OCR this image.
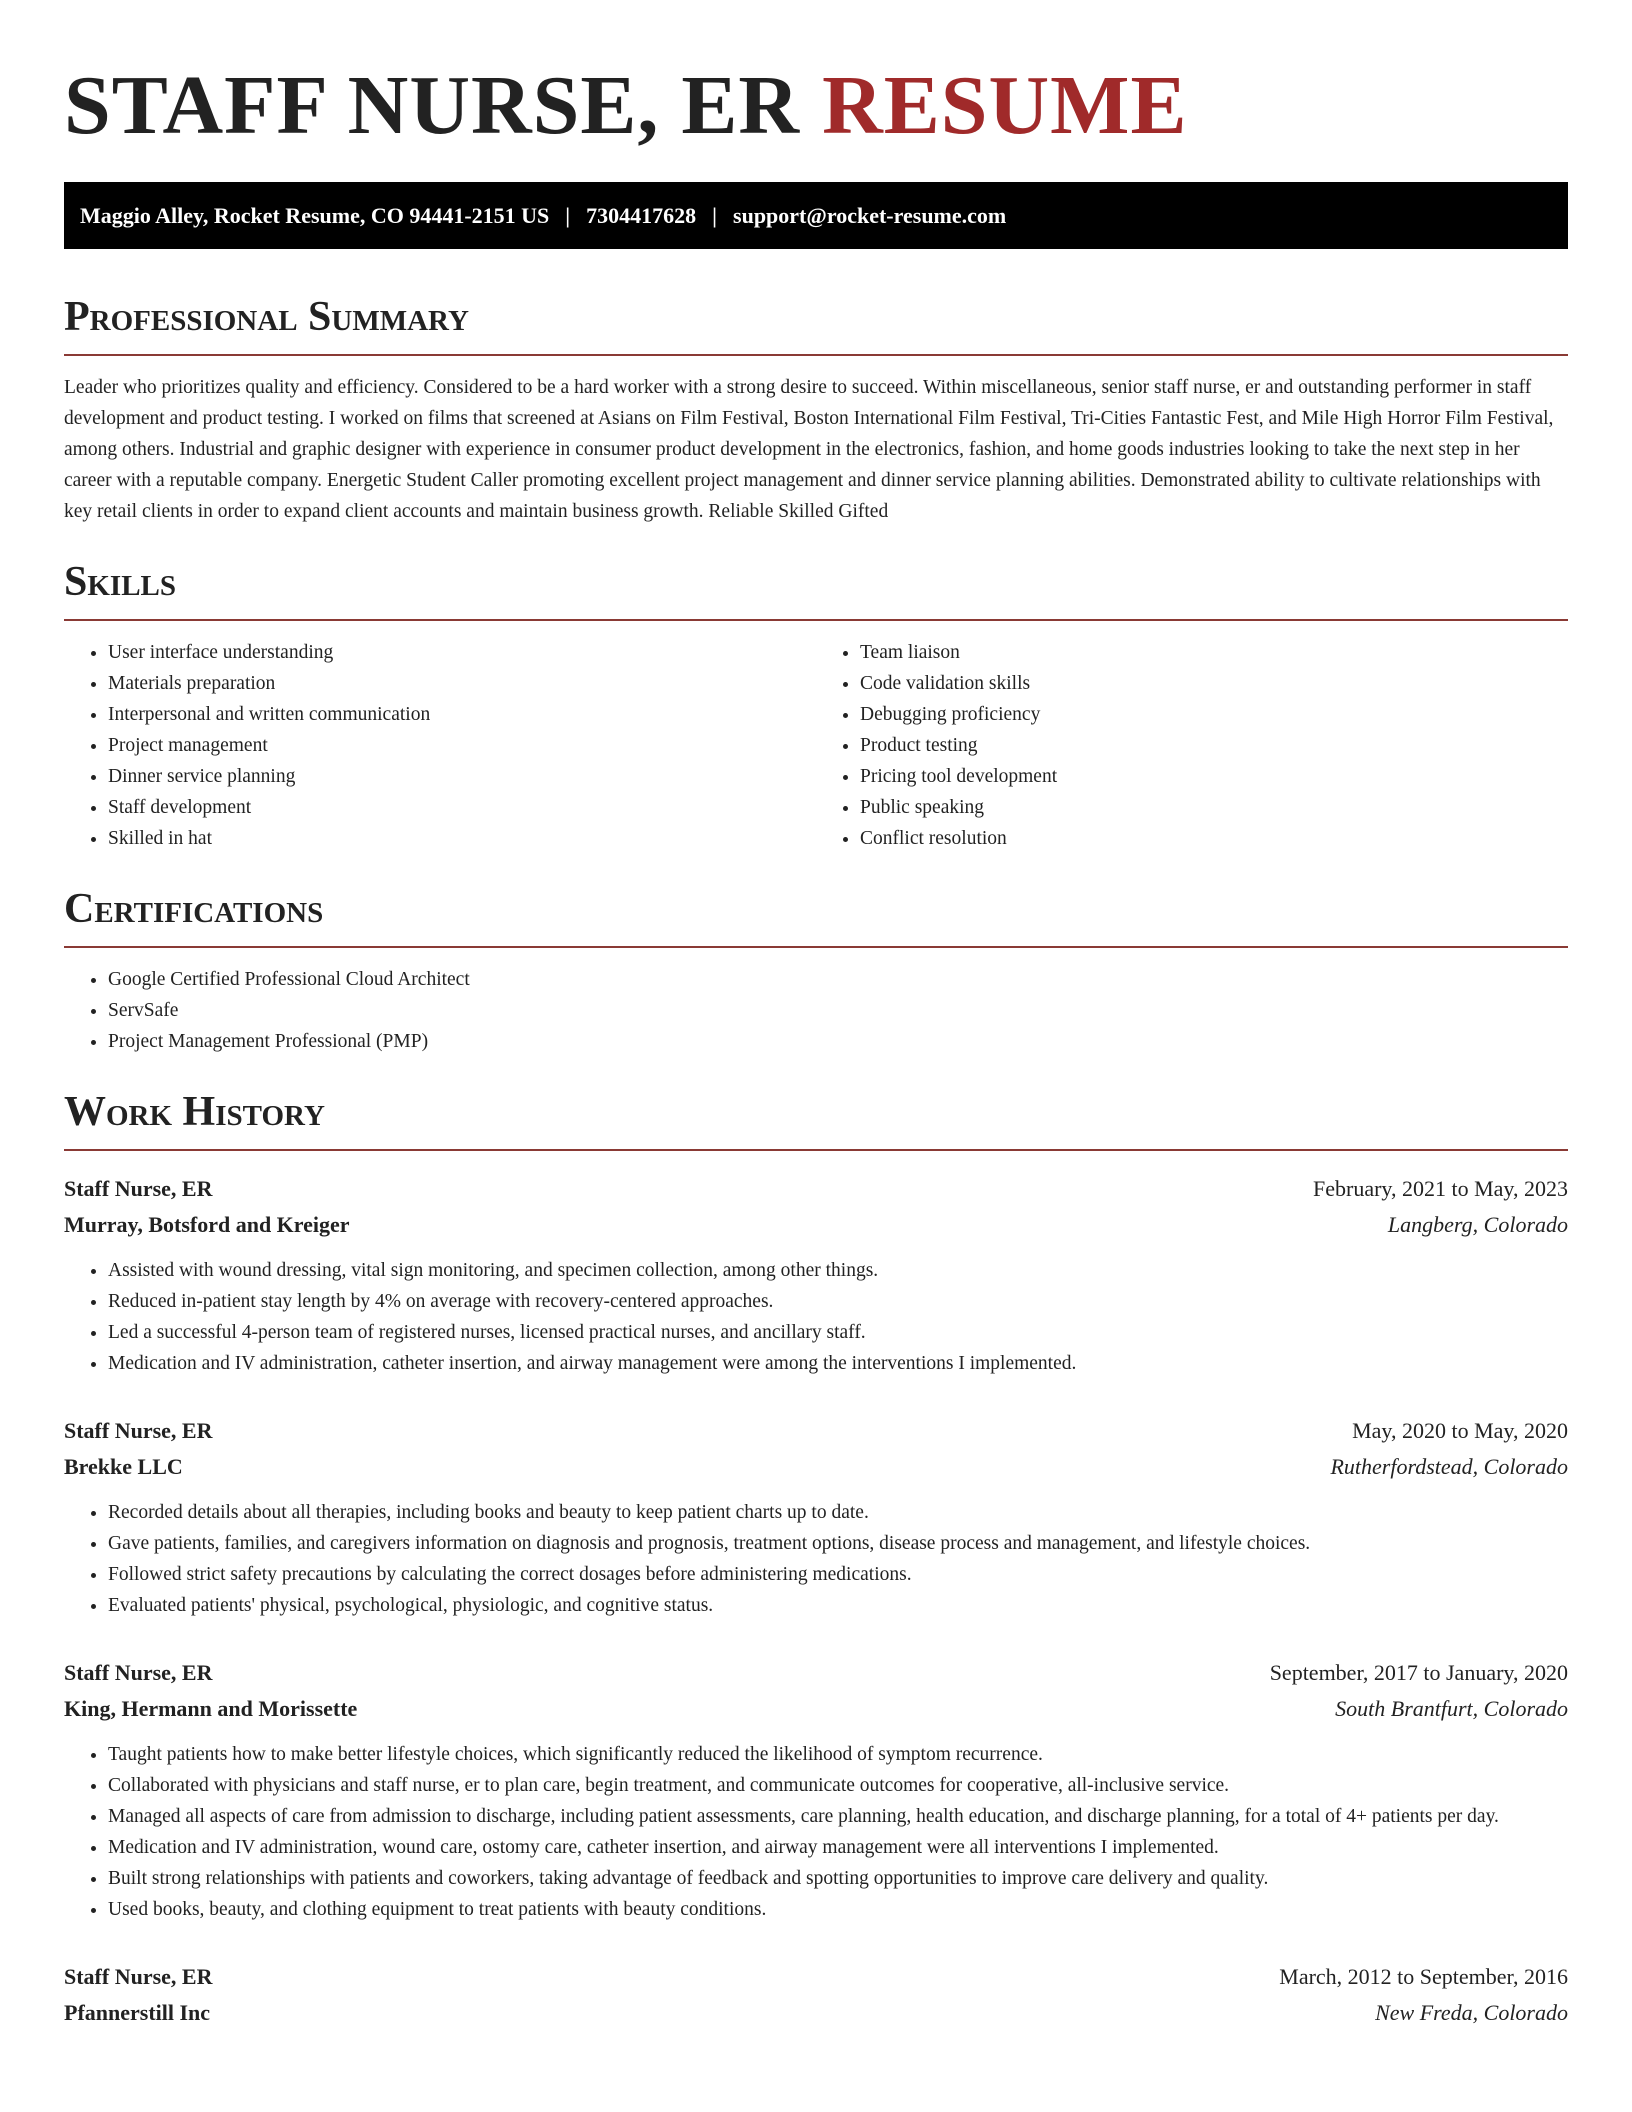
STAFF NURSE, ER RESUME
Maggio Alley, Rocket Resume, CO 94441-2151 US | 7304417628 | support@rocket-resume.com
Professional Summary

Leader who prioritizes quality and efficiency. Considered to be a hard worker with a strong desire to succeed. Within miscellaneous, senior staff nurse, er and outstanding performer in staff development and product testing. I worked on films that screened at Asians on Film Festival, Boston International Film Festival, Tri-Cities Fantastic Fest, and Mile High Horror Film Festival, among others. Industrial and graphic designer with experience in consumer product development in the electronics, fashion, and home goods industries looking to take the next step in her career with a reputable company. Energetic Student Caller promoting excellent project management and dinner service planning abilities. Demonstrated ability to cultivate relationships with key retail clients in order to expand client accounts and maintain business growth. Reliable Skilled Gifted

Skills
• User interface understanding
• Materials preparation
• Interpersonal and written communication
• Project management
• Dinner service planning
• Staff development
• Skilled in hat
• Team liaison
• Code validation skills
• Debugging proficiency
• Product testing
• Pricing tool development
• Public speaking
• Conflict resolution
Certifications
• Google Certified Professional Cloud Architect
• ServSafe
• Project Management Professional (PMP)
Work History
Staff Nurse, ER	February, 2021 to May, 2023
Murray, Botsford and Kreiger	Langberg, Colorado
• Assisted with wound dressing, vital sign monitoring, and specimen collection, among other things.
• Reduced in-patient stay length by 4% on average with recovery-centered approaches.
• Led a successful 4-person team of registered nurses, licensed practical nurses, and ancillary staff.
• Medication and IV administration, catheter insertion, and airway management were among the interventions I implemented.
Staff Nurse, ER	May, 2020 to May, 2020
Brekke LLC	Rutherfordstead, Colorado
• Recorded details about all therapies, including books and beauty to keep patient charts up to date.
• Gave patients, families, and caregivers information on diagnosis and prognosis, treatment options, disease process and management, and lifestyle choices.
• Followed strict safety precautions by calculating the correct dosages before administering medications.
• Evaluated patients' physical, psychological, physiologic, and cognitive status.
Staff Nurse, ER	September, 2017 to January, 2020
King, Hermann and Morissette	South Brantfurt, Colorado
• Taught patients how to make better lifestyle choices, which significantly reduced the likelihood of symptom recurrence.
• Collaborated with physicians and staff nurse, er to plan care, begin treatment, and communicate outcomes for cooperative, all-inclusive service.
• Managed all aspects of care from admission to discharge, including patient assessments, care planning, health education, and discharge planning, for a total of 4+ patients per day.
• Medication and IV administration, wound care, ostomy care, catheter insertion, and airway management were all interventions I implemented.
• Built strong relationships with patients and coworkers, taking advantage of feedback and spotting opportunities to improve care delivery and quality.
• Used books, beauty, and clothing equipment to treat patients with beauty conditions.
Staff Nurse, ER	March, 2012 to September, 2016
Pfannerstill Inc	New Freda, Colorado
